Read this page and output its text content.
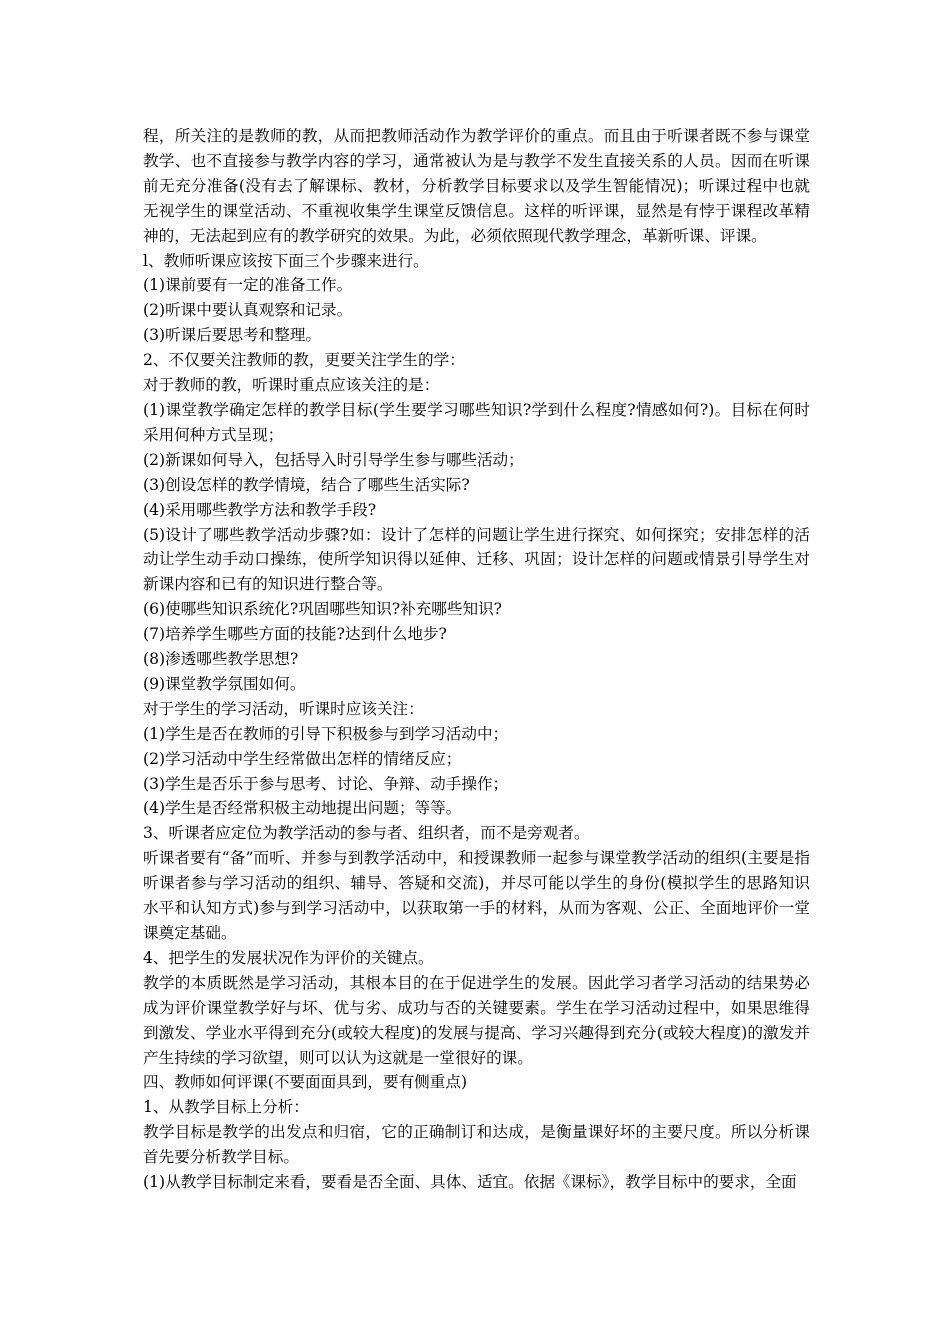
程，所关注的是教师的教，从而把教师活动作为教学评价的重点。而且由于听课者既不参与课堂教学、也不直接参与教学内容的学习，通常被认为是与教学不发生直接关系的人员。因而在听课前无充分准备(没有去了解课标、教材，分析教学目标要求以及学生智能情况)；听课过程中也就无视学生的课堂活动、不重视收集学生课堂反馈信息。这样的听评课，显然是有悖于课程改革精神的，无法起到应有的教学研究的效果。为此，必须依照现代教学理念，革新听课、评课。

l、教师听课应该按下面三个步骤来进行。

(1)课前要有一定的准备工作。

(2)听课中要认真观察和记录。

(3)听课后要思考和整理。

2、不仅要关注教师的教，更要关注学生的学：

对于教师的教，听课时重点应该关注的是：

(1)课堂教学确定怎样的教学目标(学生要学习哪些知识?学到什么程度?情感如何?)。目标在何时采用何种方式呈现；

(2)新课如何导入，包括导入时引导学生参与哪些活动；

(3)创设怎样的教学情境，结合了哪些生活实际?

(4)采用哪些教学方法和教学手段?

(5)设计了哪些教学活动步骤?如：设计了怎样的问题让学生进行探究、如何探究；安排怎样的活动让学生动手动口操练，使所学知识得以延伸、迁移、巩固；设计怎样的问题或情景引导学生对新课内容和已有的知识进行整合等。

(6)使哪些知识系统化?巩固哪些知识?补充哪些知识?

(7)培养学生哪些方面的技能?达到什么地步?

(8)渗透哪些教学思想?

(9)课堂教学氛围如何。

对于学生的学习活动，听课时应该关注：

(1)学生是否在教师的引导下积极参与到学习活动中；

(2)学习活动中学生经常做出怎样的情绪反应；

(3)学生是否乐于参与思考、讨论、争辩、动手操作；

(4)学生是否经常积极主动地提出问题；等等。

3、听课者应定位为教学活动的参与者、组织者，而不是旁观者。

听课者要有“备”而听、并参与到教学活动中，和授课教师一起参与课堂教学活动的组织(主要是指听课者参与学习活动的组织、辅导、答疑和交流)，并尽可能以学生的身份(模拟学生的思路知识水平和认知方式)参与到学习活动中，以获取第一手的材料，从而为客观、公正、全面地评价一堂课奠定基础。

4、把学生的发展状况作为评价的关键点。

教学的本质既然是学习活动，其根本目的在于促进学生的发展。因此学习者学习活动的结果势必成为评价课堂教学好与坏、优与劣、成功与否的关键要素。学生在学习活动过程中，如果思维得到激发、学业水平得到充分(或较大程度)的发展与提高、学习兴趣得到充分(或较大程度)的激发并产生持续的学习欲望，则可以认为这就是一堂很好的课。

四、教师如何评课(不要面面具到，要有侧重点)

1、从教学目标上分析：

教学目标是教学的出发点和归宿，它的正确制订和达成，是衡量课好坏的主要尺度。所以分析课首先要分析教学目标。

(1)从教学目标制定来看，要看是否全面、具体、适宜。依据《课标》，教学目标中的要求，全面
